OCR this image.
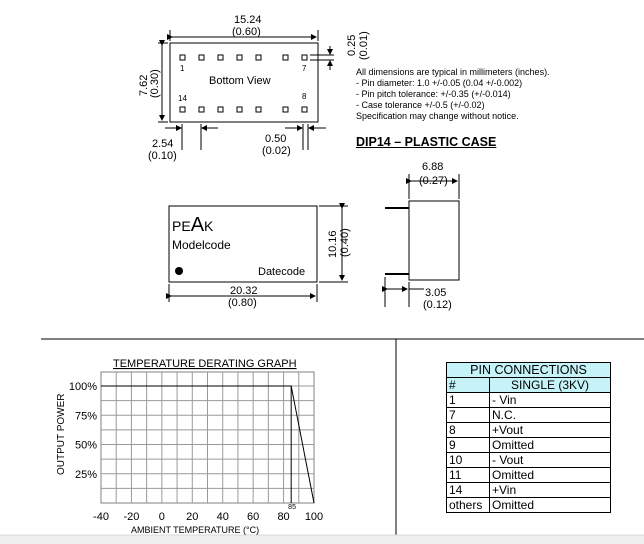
1	7
14	8
Bottom View
15.24
(0.60)
7.62 (0.30)
0.25 (0.01)
2.54
(0.10)
0.50
(0.02)
PEAK
Modelcode
Datecode
20.32
(0.80)
10.16 (0.40)
6.88
(0.27)
3.05
(0.12)
TEMPERATURE DERATING GRAPH
-40 -20 0 20 40 60 80 100
100%
75%
50%
25%
85
OUTPUT POWER
AMBIENT TEMPERATURE (°C)
All dimensions are typical in millimeters (inches).
- Pin diameter: 1.0 +/-0.05 (0.04 +/-0.002)
- Pin pitch tolerance: +/-0.35 (+/-0.014)
- Case tolerance +/-0.5 (+/-0.02)
Specification may change without notice.
DIP14 – PLASTIC CASE
PIN CONNECTIONS	
#	SINGLE (3KV)
1	- Vin
7	N.C.
8	+Vout
9	Omitted
10	- Vout
11	Omitted
14	+Vin
others	Omitted
